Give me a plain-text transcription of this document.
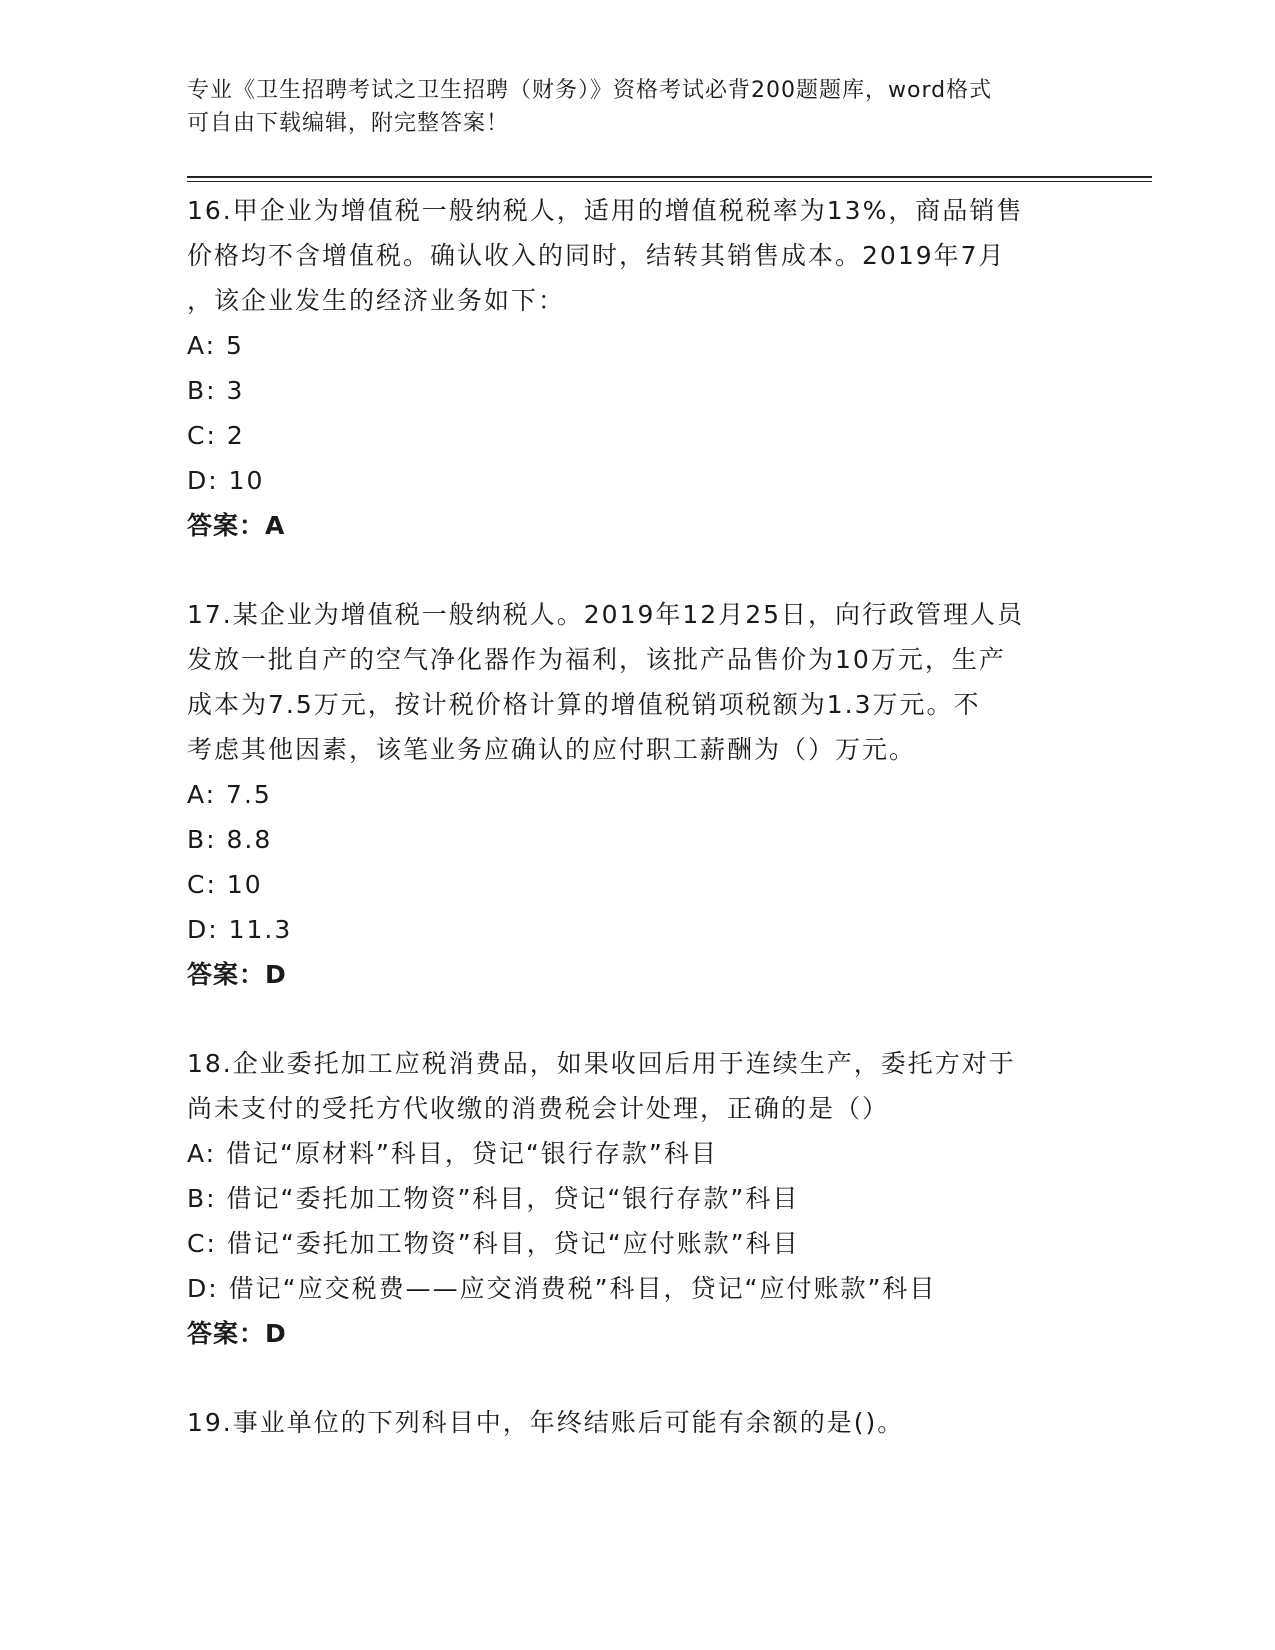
专业《卫生招聘考试之卫生招聘（财务）》资格考试必背200题题库，word格式
可自由下载编辑，附完整答案！
16.甲企业为增值税一般纳税人，适用的增值税税率为13%，商品销售
价格均不含增值税。确认收入的同时，结转其销售成本。2019年7月
，该企业发生的经济业务如下：
A: 5
B: 3
C: 2
D: 10
答案：A
17.某企业为增值税一般纳税人。2019年12月25日，向行政管理人员
发放一批自产的空气净化器作为福利，该批产品售价为10万元，生产
成本为7.5万元，按计税价格计算的增值税销项税额为1.3万元。不
考虑其他因素，该笔业务应确认的应付职工薪酬为（）万元。
A: 7.5
B: 8.8
C: 10
D: 11.3
答案：D
18.企业委托加工应税消费品，如果收回后用于连续生产，委托方对于
尚未支付的受托方代收缴的消费税会计处理，正确的是（）
A: 借记“原材料”科目，贷记“银行存款”科目
B: 借记“委托加工物资”科目，贷记“银行存款”科目
C: 借记“委托加工物资”科目，贷记“应付账款”科目
D: 借记“应交税费——应交消费税”科目，贷记“应付账款”科目
答案：D
19.事业单位的下列科目中，年终结账后可能有余额的是()。
